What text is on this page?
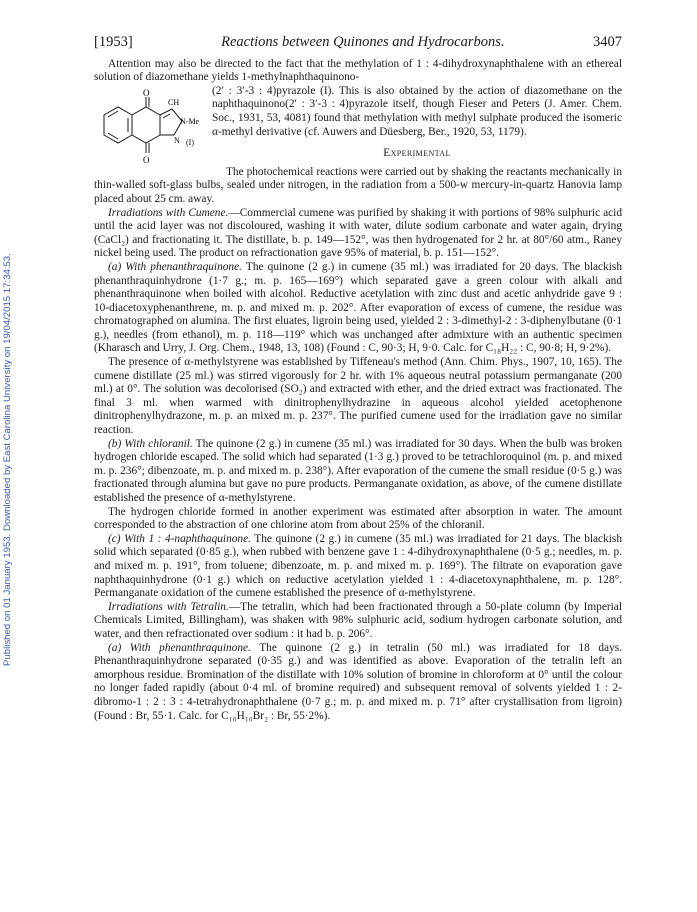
Published on 01 January 1953. Downloaded by East Carolina University on 19/04/2015 17:34:53.
[1953]	Reactions between Quinones and Hydrocarbons.	3407

Attention may also be directed to the fact that the methylation of 1 : 4-dihydroxynaphthalene with an ethereal solution of diazomethane yields 1-methylnaphthaquinono-

O
O
CH
N-Me
N (I)

(2′ : 3′-3 : 4)pyrazole (I). This is also obtained by the action of diazomethane on the naphthaquinono(2′ : 3′-3 : 4)pyrazole itself, though Fieser and Peters (J. Amer. Chem. Soc., 1931, 53, 4081) found that methylation with methyl sulphate produced the isomeric α-methyl derivative (cf. Auwers and Düesberg, Ber., 1920, 53, 1179).

Experimental

The photochemical reactions were carried out by shaking the reactants mechanically in thin-walled soft-glass bulbs, sealed under nitrogen, in the radiation from a 500-w mercury-in-quartz Hanovia lamp placed about 25 cm. away.

Irradiations with Cumene.—Commercial cumene was purified by shaking it with portions of 98% sulphuric acid until the acid layer was not discoloured, washing it with water, dilute sodium carbonate and water again, drying (CaCl₂) and fractionating it. The distillate, b. p. 149—152°, was then hydrogenated for 2 hr. at 80°/60 atm., Raney nickel being used. The product on refractionation gave 95% of material, b. p. 151—152°.

(a) With phenanthraquinone. The quinone (2 g.) in cumene (35 ml.) was irradiated for 20 days. The blackish phenanthraquinhydrone (1·7 g.; m. p. 165—169°) which separated gave a green colour with alkali and phenanthraquinone when boiled with alcohol. Reductive acetylation with zinc dust and acetic anhydride gave 9 : 10-diacetoxyphenanthrene, m. p. and mixed m. p. 202°. After evaporation of excess of cumene, the residue was chromatographed on alumina. The first eluates, ligroin being used, yielded 2 : 3-dimethyl-2 : 3-diphenylbutane (0·1 g.), needles (from ethanol), m. p. 118—119° which was unchanged after admixture with an authentic specimen (Kharasch and Urry, J. Org. Chem., 1948, 13, 108) (Found : C, 90·3; H, 9·0. Calc. for C₁₈H₂₂ : C, 90·8; H, 9·2%).

The presence of α-methylstyrene was established by Tiffeneau's method (Ann. Chim. Phys., 1907, 10, 165). The cumene distillate (25 ml.) was stirred vigorously for 2 hr. with 1% aqueous neutral potassium permanganate (200 ml.) at 0°. The solution was decolorised (SO₂) and extracted with ether, and the dried extract was fractionated. The final 3 ml. when warmed with dinitrophenylhydrazine in aqueous alcohol yielded acetophenone dinitrophenylhydrazone, m. p. an mixed m. p. 237°. The purified cumene used for the irradiation gave no similar reaction.

(b) With chloranil. The quinone (2 g.) in cumene (35 ml.) was irradiated for 30 days. When the bulb was broken hydrogen chloride escaped. The solid which had separated (1·3 g.) proved to be tetrachloroquinol (m. p. and mixed m. p. 236°; dibenzoate, m. p. and mixed m. p. 238°). After evaporation of the cumene the small residue (0·5 g.) was fractionated through alumina but gave no pure products. Permanganate oxidation, as above, of the cumene distillate established the presence of α-methylstyrene.

The hydrogen chloride formed in another experiment was estimated after absorption in water. The amount corresponded to the abstraction of one chlorine atom from about 25% of the chloranil.

(c) With 1 : 4-naphthaquinone. The quinone (2 g.) in cumene (35 ml.) was irradiated for 21 days. The blackish solid which separated (0·85 g.), when rubbed with benzene gave 1 : 4-dihydroxynaphthalene (0·5 g.; needles, m. p. and mixed m. p. 191°, from toluene; dibenzoate, m. p. and mixed m. p. 169°). The filtrate on evaporation gave naphthaquinhydrone (0·1 g.) which on reductive acetylation yielded 1 : 4-diacetoxynaphthalene, m. p. 128°. Permanganate oxidation of the cumene established the presence of α-methylstyrene.

Irradiations with Tetralin.—The tetralin, which had been fractionated through a 50-plate column (by Imperial Chemicals Limited, Billingham), was shaken with 98% sulphuric acid, sodium hydrogen carbonate solution, and water, and then refractionated over sodium : it had b. p. 206°.

(a) With phenanthraquinone. The quinone (2 g.) in tetralin (50 ml.) was irradiated for 18 days. Phenanthraquinhydrone separated (0·35 g.) and was identified as above. Evaporation of the tetralin left an amorphous residue. Bromination of the distillate with 10% solution of bromine in chloroform at 0° until the colour no longer faded rapidly (about 0·4 ml. of bromine required) and subsequent removal of solvents yielded 1 : 2-dibromo-1 : 2 : 3 : 4-tetrahydronaphthalene (0·7 g.; m. p. and mixed m. p. 71° after crystallisation from ligroin) (Found : Br, 55·1. Calc. for C₁₀H₁₀Br₂ : Br, 55·2%).
